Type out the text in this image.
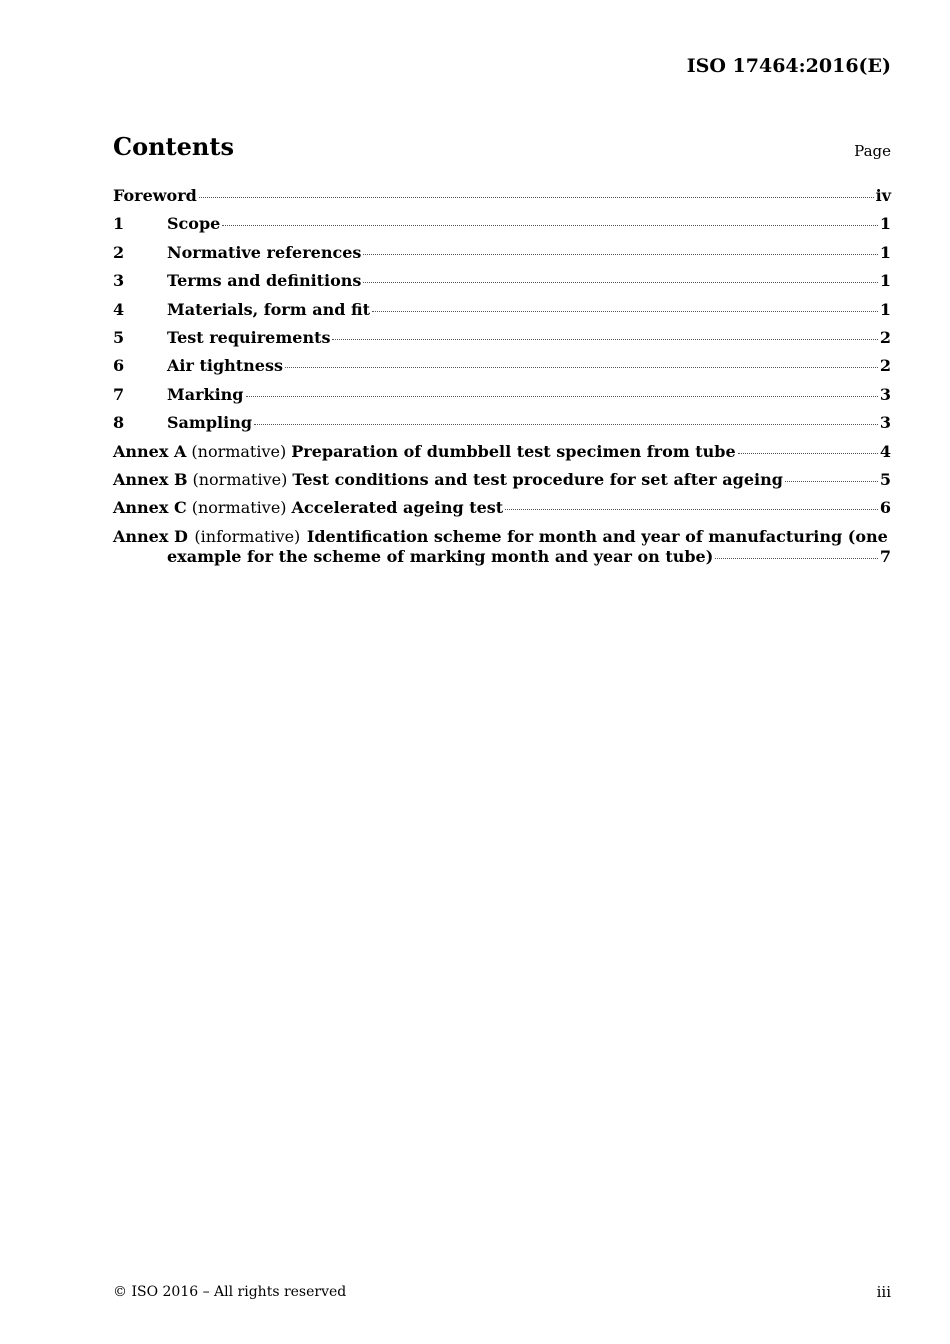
ISO 17464:2016(E)
Contents	Page
Foreword	iv
1	Scope	1
2	Normative references	1
3	Terms and definitions	1
4	Materials, form and fit	1
5	Test requirements	2
6	Air tightness	2
7	Marking	3
8	Sampling	3
Annex A (normative) Preparation of dumbbell test specimen from tube	4
Annex B (normative) Test conditions and test procedure for set after ageing	5
Annex C (normative) Accelerated ageing test	6
Annex D (informative) Identification scheme for month and year of manufacturing (one
example for the scheme of marking month and year on tube)	7
© ISO 2016 – All rights reserved	iii
